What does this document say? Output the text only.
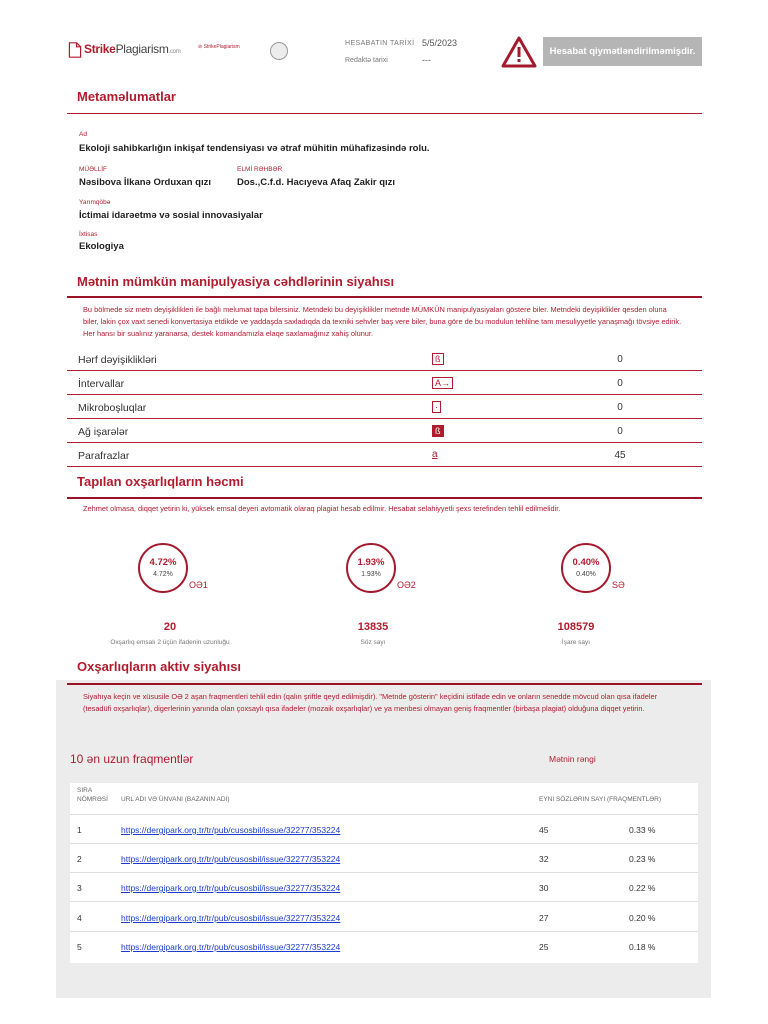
StrikePlagiarism.com
⊘ StrikePlagiarism	HESABATIN TARİXİ 5/5/2023
Redaktə tarixi	---
Hesabat qiymətləndirilməmişdir.
Metaməlumatlar
Ad
Ekoloji sahibkarlığın inkişaf tendensiyası və ətraf mühitin mühafizəsində rolu.
MÜƏLLİF
Nəsibova İlkanə Orduxan qızı
ELMİ RƏHBƏR
Dos.,C.f.d. Hacıyeva Afaq Zakir qızı
Yarımqöbə
İctimai idarəetmə və sosial innovasiyalar
İxtisas
Ekologiya
Mətnin mümkün manipulyasiya cəhdlərinin siyahısı
Bu bölmede siz metn deyişiklikleri ile bağlı melumat tapa bilersiniz. Metndeki bu deyişiklikler metnde MÜMKÜN manipulyasiyaları göstere biler. Metndeki deyişiklikler qesden oluna biler, lakin çox vaxt senedi konvertasiya etdikde ve yaddaşda saxladıqda da texniki sehvler baş vere biler, buna göre de bu modulun tehlilne tam mesuliyyetle yanaşmağı tövsiye edirik. Her hansı bir sualınız yaranarsa, destek komandamızla elaqe saxlamağınız xahiş olunur.
Hərf dəyişiklikləri	ß	0
İntervallar	A→	0
Mikroboşluqlar	·	0
Ağ işarələr	ß	0
Parafrazlar	a	45
Tapılan oxşarlıqların həcmi
Zehmet olmasa, diqqet yetirin ki, yüksek emsal deyeri avtomatik olaraq plagiat hesab edilmir. Hesabat selahiyyetli şexs terefinden tehlil edilmelidir.
4.72%
4.72%
OƏ1
1.93%
1.93%
OƏ2
0.40%
0.40%
SƏ
20
Oxşarlıq emsalı 2 üçün ifadenin uzunluğu
13835
Söz sayı
108579
İşare sayı
Oxşarlıqların aktiv siyahısı
Siyahıya keçin ve xüsusile OƏ 2 aşan fraqmentleri tehlil edin (qalın şriftle qeyd edilmişdir). "Metnde gösterin" keçidini istifade edin ve onların senedde mövcud olan qısa ifadeler (tesadüfi oxşarlıqlar), digerlerinin yanında olan çoxsaylı qısa ifadeler (mozaik oxşarlıqlar) ve ya menbesi olmayan geniş fraqmentler (birbaşa plagiat) olduğuna diqqet yetirin.
10 ən uzun fraqmentlər	Mətnin rəngi
SIRA
NÖMRƏSİ URL ADI VƏ ÜNVANI (BAZANIN ADI)	EYNI SÖZLƏRIN SAYI (FRAQMENTLƏR)
1	https://dergipark.org.tr/tr/pub/cusosbil/issue/32277/353224	45	0.33 %
2	https://dergipark.org.tr/tr/pub/cusosbil/issue/32277/353224	32	0.23 %
3	https://dergipark.org.tr/tr/pub/cusosbil/issue/32277/353224	30	0.22 %
4	https://dergipark.org.tr/tr/pub/cusosbil/issue/32277/353224	27	0.20 %
5	https://dergipark.org.tr/tr/pub/cusosbil/issue/32277/353224	25	0.18 %
